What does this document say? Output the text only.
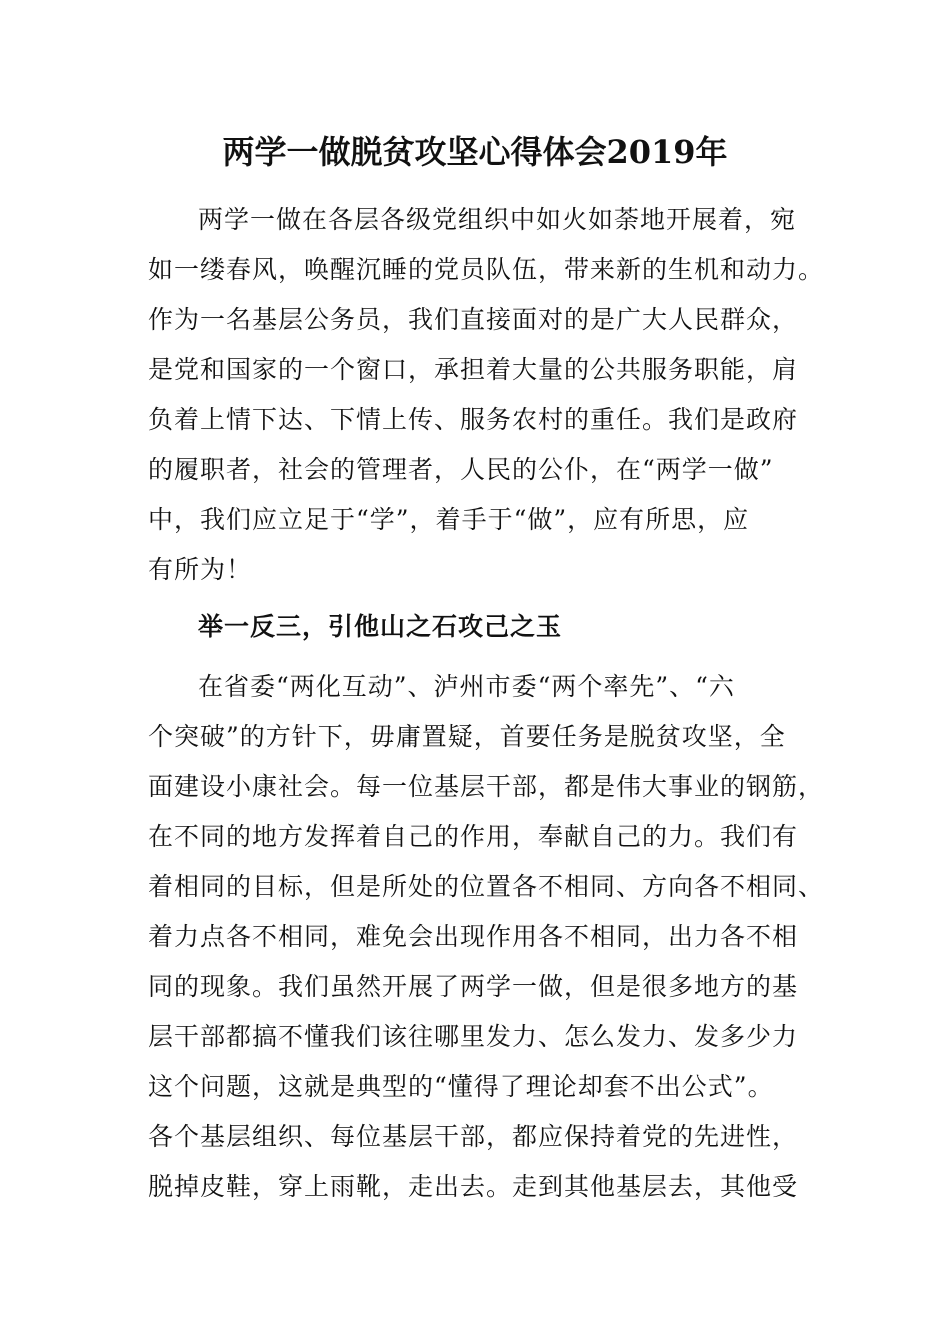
两学一做脱贫攻坚心得体会2019年

两学一做在各层各级党组织中如火如荼地开展着，宛

如一缕春风，唤醒沉睡的党员队伍，带来新的生机和动力。

作为一名基层公务员，我们直接面对的是广大人民群众，

是党和国家的一个窗口，承担着大量的公共服务职能，肩

负着上情下达、下情上传、服务农村的重任。我们是政府

的履职者，社会的管理者，人民的公仆，在“两学一做”

中，我们应立足于“学”，着手于“做”，应有所思，应

有所为！

举一反三，引他山之石攻己之玉

在省委“两化互动”、泸州市委“两个率先”、“六

个突破”的方针下，毋庸置疑，首要任务是脱贫攻坚，全

面建设小康社会。每一位基层干部，都是伟大事业的钢筋，

在不同的地方发挥着自己的作用，奉献自己的力。我们有

着相同的目标，但是所处的位置各不相同、方向各不相同、

着力点各不相同，难免会出现作用各不相同，出力各不相

同的现象。我们虽然开展了两学一做，但是很多地方的基

层干部都搞不懂我们该往哪里发力、怎么发力、发多少力

这个问题，这就是典型的“懂得了理论却套不出公式”。

各个基层组织、每位基层干部，都应保持着党的先进性，

脱掉皮鞋，穿上雨靴，走出去。走到其他基层去，其他受
